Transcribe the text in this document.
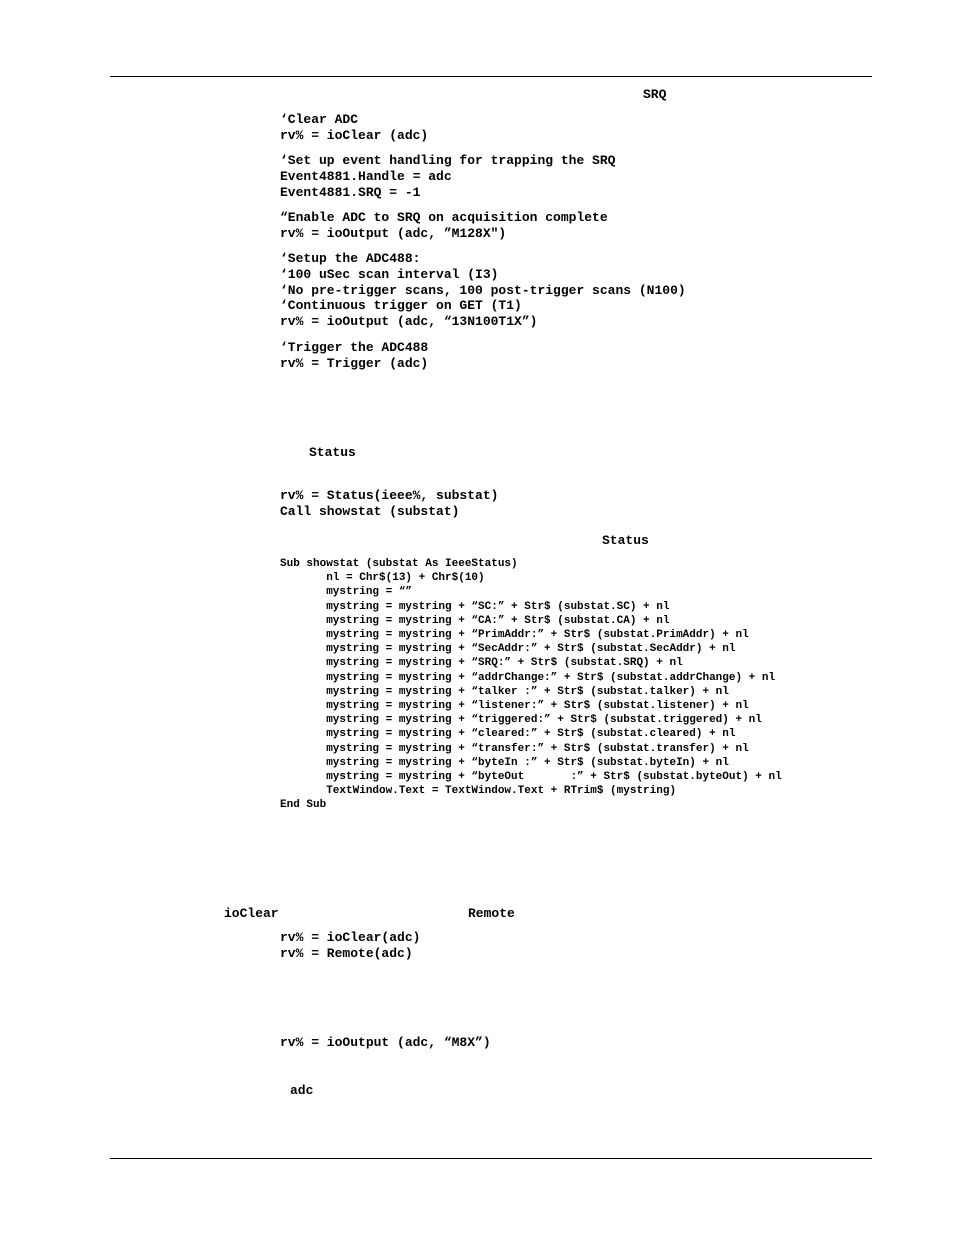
SRQ
‘Clear ADC
rv% = ioClear (adc)
‘Set up event handling for trapping the SRQ
Event4881.Handle = adc
Event4881.SRQ = -1
“Enable ADC to SRQ on acquisition complete
rv% = ioOutput (adc, ”M128X")
‘Setup the ADC488:
‘100 uSec scan interval (I3)
‘No pre-trigger scans, 100 post-trigger scans (N100)
‘Continuous trigger on GET (T1)
rv% = ioOutput (adc, “13N100T1X”)
‘Trigger the ADC488
rv% = Trigger (adc)
Status
rv% = Status(ieee%, substat)
Call showstat (substat)
Status
Sub showstat (substat As IeeeStatus)
nl = Chr$(13) + Chr$(10)
mystring = “”
mystring = mystring + “SC:” + Str$ (substat.SC) + nl
mystring = mystring + “CA:” + Str$ (substat.CA) + nl
mystring = mystring + “PrimAddr:” + Str$ (substat.PrimAddr) + nl
mystring = mystring + “SecAddr:” + Str$ (substat.SecAddr) + nl
mystring = mystring + “SRQ:” + Str$ (substat.SRQ) + nl
mystring = mystring + “addrChange:” + Str$ (substat.addrChange) + nl
mystring = mystring + “talker :” + Str$ (substat.talker) + nl
mystring = mystring + “listener:” + Str$ (substat.listener) + nl
mystring = mystring + “triggered:” + Str$ (substat.triggered) + nl
mystring = mystring + “cleared:” + Str$ (substat.cleared) + nl
mystring = mystring + “transfer:” + Str$ (substat.transfer) + nl
mystring = mystring + “byteIn :” + Str$ (substat.byteIn) + nl
mystring = mystring + “byteOut       :” + Str$ (substat.byteOut) + nl
TextWindow.Text = TextWindow.Text + RTrim$ (mystring)
End Sub
ioClear	Remote
rv% = ioClear(adc)
rv% = Remote(adc)
rv% = ioOutput (adc, “M8X”)
adc
